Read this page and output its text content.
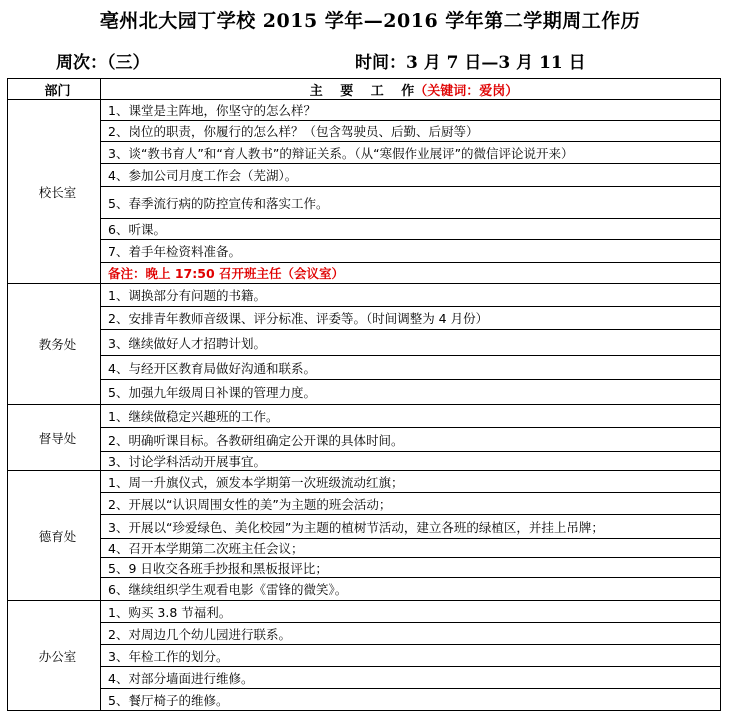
亳州北大园丁学校 2015 学年—2016 学年第二学期周工作历
周次：（三）	时间：3 月 7 日—3 月 11 日
部门	主　 要　 工　 作（关键词：爱岗）
校长室	1、课堂是主阵地，你坚守的怎么样？
	2、岗位的职责，你履行的怎么样？（包含驾驶员、后勤、后厨等）
	3、谈“教书育人”和“育人教书”的辩证关系。（从“寒假作业展评”的微信评论说开来）
	4、参加公司月度工作会（芜湖）。
	5、春季流行病的防控宣传和落实工作。
	6、听课。
	7、着手年检资料准备。
	备注：晚上 17:50 召开班主任（会议室）
教务处	1、调换部分有问题的书籍。
	2、安排青年教师音级课、评分标准、评委等。（时间调整为 4 月份）
	3、继续做好人才招聘计划。
	4、与经开区教育局做好沟通和联系。
	5、加强九年级周日补课的管理力度。
督导处	1、继续做稳定兴趣班的工作。
	2、明确听课目标。各教研组确定公开课的具体时间。
	3、讨论学科活动开展事宜。
德育处	1、周一升旗仪式，颁发本学期第一次班级流动红旗；
	2、开展以“认识周围女性的美”为主题的班会活动；
	3、开展以“珍爱绿色、美化校园”为主题的植树节活动，建立各班的绿植区，并挂上吊牌；
	4、召开本学期第二次班主任会议；
	5、9 日收交各班手抄报和黑板报评比；
	6、继续组织学生观看电影《雷锋的微笑》。
办公室	1、购买 3.8 节福利。
	2、对周边几个幼儿园进行联系。
	3、年检工作的划分。
	4、对部分墙面进行维修。
	5、餐厅椅子的维修。
